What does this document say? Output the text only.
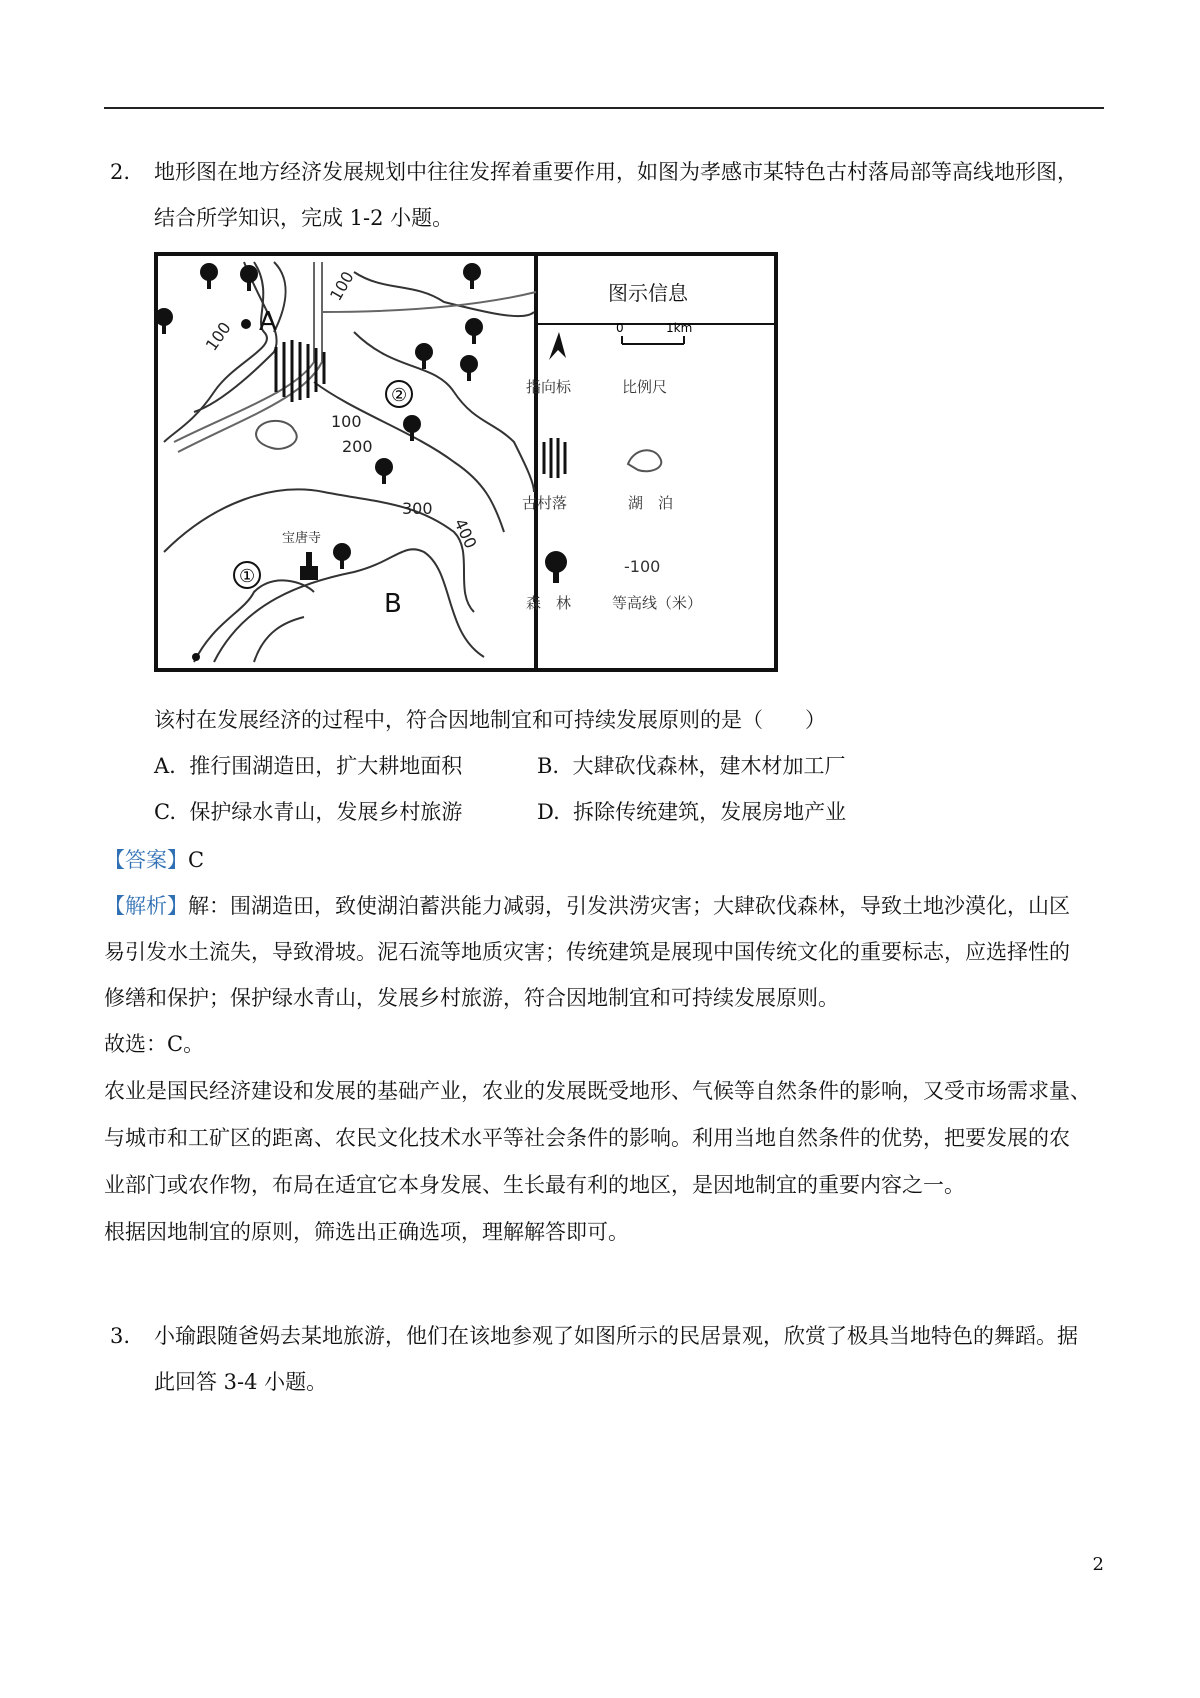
2. 地形图在地方经济发展规划中往往发挥着重要作用，如图为孝感市某特色古村落局部等高线地形图，
结合所学知识，完成 1-2 小题。
100
100
100
200
300
400
A
B
②
①
宝唐寺
图示信息
0	1km
指向标	比例尺
古村落	湖　泊
-100
森　林	等高线（米）
该村在发展经济的过程中，符合因地制宜和可持续发展原则的是（　　）
A. 推行围湖造田，扩大耕地面积	B. 大肆砍伐森林，建木材加工厂
C. 保护绿水青山，发展乡村旅游	D. 拆除传统建筑，发展房地产业
【答案】C
【解析】解：围湖造田，致使湖泊蓄洪能力减弱，引发洪涝灾害；大肆砍伐森林，导致土地沙漠化，山区
易引发水土流失，导致滑坡。泥石流等地质灾害；传统建筑是展现中国传统文化的重要标志，应选择性的
修缮和保护；保护绿水青山，发展乡村旅游，符合因地制宜和可持续发展原则。
故选：C。
农业是国民经济建设和发展的基础产业，农业的发展既受地形、气候等自然条件的影响，又受市场需求量、
与城市和工矿区的距离、农民文化技术水平等社会条件的影响。利用当地自然条件的优势，把要发展的农
业部门或农作物，布局在适宜它本身发展、生长最有利的地区，是因地制宜的重要内容之一。
根据因地制宜的原则，筛选出正确选项，理解解答即可。
3. 小瑜跟随爸妈去某地旅游，他们在该地参观了如图所示的民居景观，欣赏了极具当地特色的舞蹈。据
此回答 3-4 小题。
2
